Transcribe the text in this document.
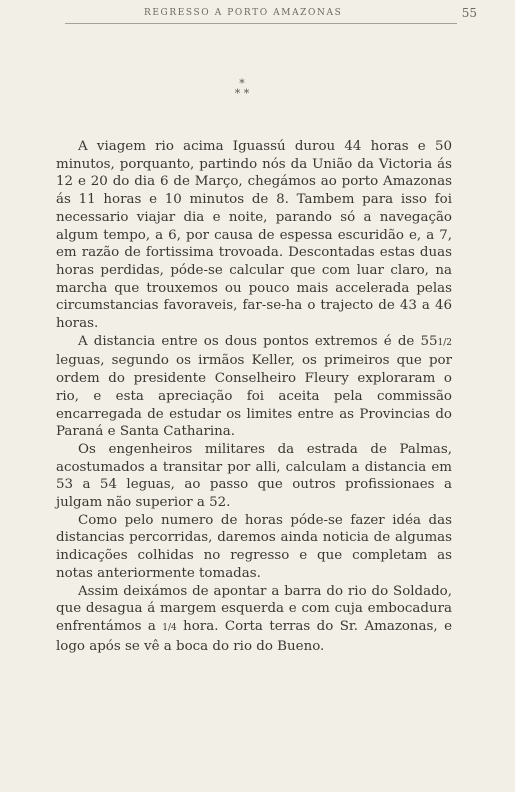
REGRESSO A PORTO AMAZONAS	55
*
* *

A viagem rio acima Iguassú durou 44 horas e 50 minutos, porquanto, partindo nós da União da Victoria ás 12 e 20 do dia 6 de Março, chegámos ao porto Amazonas ás 11 horas e 10 minutos de 8. Tambem para isso foi necessario viajar dia e noite, parando só a navegação algum tempo, a 6, por causa de espessa escuridão e, a 7, em razão de fortissima trovoada. Descontadas estas duas horas perdidas, póde-se calcular que com luar claro, na marcha que trouxemos ou pouco mais accelerada pelas circumstancias favoraveis, far-se-ha o trajecto de 43 a 46 horas.

A distancia entre os dous pontos extremos é de 551/2 leguas, segundo os irmãos Keller, os primeiros que por ordem do presidente Conselheiro Fleury exploraram o rio, e esta apreciação foi aceita pela commissão encarregada de estudar os limites entre as Provincias do Paraná e Santa Catharina.

Os engenheiros militares da estrada de Palmas, acostumados a transitar por alli, calculam a distancia em 53 a 54 leguas, ao passo que outros profissionaes a julgam não superior a 52.

Como pelo numero de horas póde-se fazer idéa das distancias percorridas, daremos ainda noticia de algumas indicações colhidas no regresso e que completam as notas anteriormente tomadas.

Assim deixámos de apontar a barra do rio do Soldado, que desagua á margem esquerda e com cuja embocadura enfrentámos a 1/4 hora. Corta terras do Sr. Amazonas, e logo após se vê a boca do rio do Bueno.
